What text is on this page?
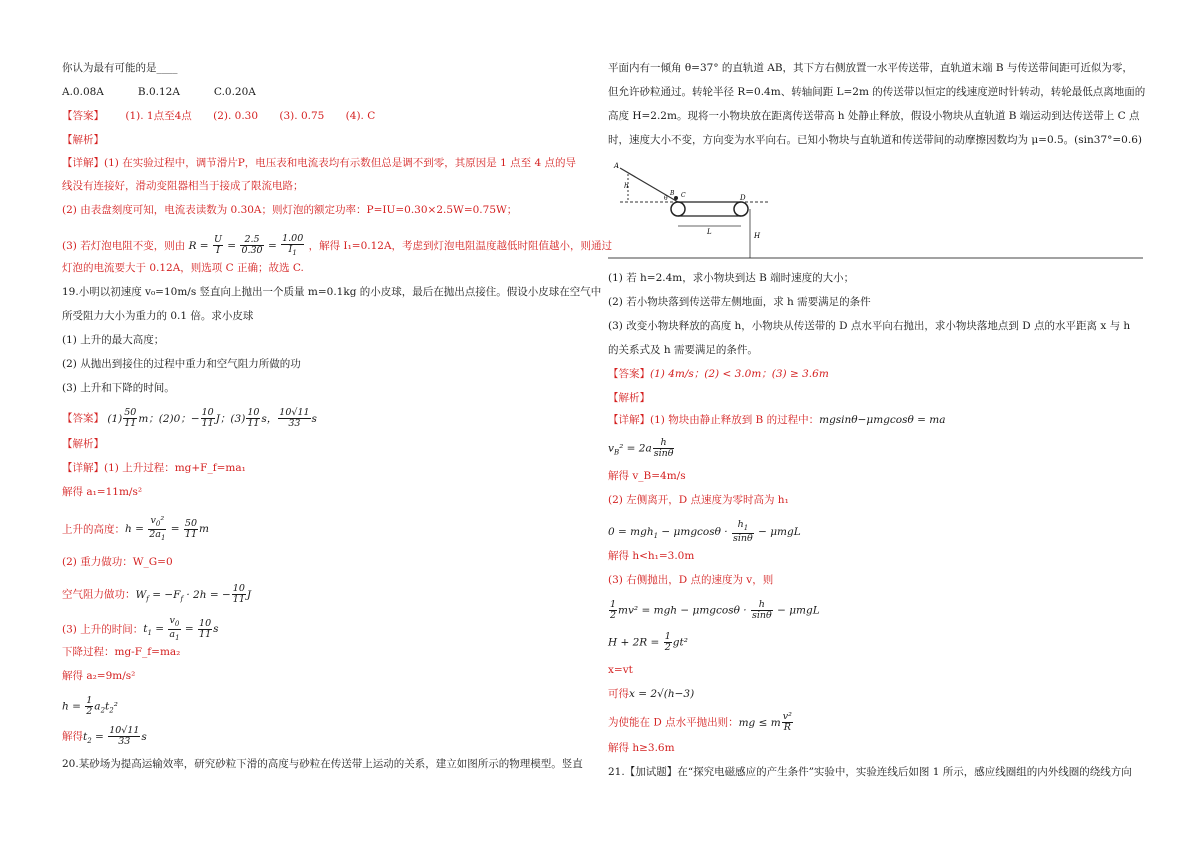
你认为最有可能的是____
A.0.08A	B.0.12A	C.0.20A
【答案】 (1). 1点至4点 (2). 0.30 (3). 0.75 (4). C
【解析】
【详解】(1) 在实验过程中，调节滑片P，电压表和电流表均有示数但总是调不到零，其原因是 1 点至 4 点的导
线没有连接好，滑动变阻器相当于接成了限流电路；
(2) 由表盘刻度可知，电流表读数为 0.30A；则灯泡的额定功率：P=IU=0.30×2.5W=0.75W；
(3) 若灯泡电阻不变，则由 $R = \frac{U}{I} = \frac{2.5}{0.30} = \frac{1.00}{I_1}$ ，解得 I₁=0.12A，考虑到灯泡电阻温度越低时阻值越小，则通过
灯泡的电流要大于 0.12A，则选项 C 正确；故选 C.
19.小明以初速度 v₀=10m/s 竖直向上抛出一个质量 m=0.1kg 的小皮球，最后在抛出点接住。假设小皮球在空气中
所受阻力大小为重力的 0.1 倍。求小皮球
(1) 上升的最大高度；
(2) 从抛出到接住的过程中重力和空气阻力所做的功
(3) 上升和下降的时间。
【答案】 $(1) \frac{50}{11}$ m；(2)0；− $\frac{10}{11}$ J；$(3) \frac{10}{11}$ s， $\frac{10√11}{33}$ s
【解析】
【详解】(1) 上升过程：mg+F_f=ma₁
解得 a₁=11m/s²
上升的高度：$h = \frac{v_0^2}{2a_1} = \frac{50}{11}$ m
(2) 重力做功：W_G=0
空气阻力做功：$W_f = -F_f \cdot 2h$ = − $\frac{10}{11}$ J
(3) 上升的时间：$t_1 = \frac{v_0}{a_1} = \frac{10}{11}$ s
下降过程：mg-F_f=ma₂
解得 a₂=9m/s²
$h = \frac{1}{2} a_2t_2^2$
解得$t_2 = \frac{10√11}{33}$ s
20.某砂场为提高运输效率，研究砂粒下滑的高度与砂粒在传送带上运动的关系，建立如图所示的物理模型。竖直
平面内有一倾角 θ=37° 的直轨道 AB，其下方右侧放置一水平传送带，直轨道末端 B 与传送带间距可近似为零，
但允许砂粒通过。转轮半径 R=0.4m、转轴间距 L=2m 的传送带以恒定的线速度逆时针转动，转轮最低点离地面的
高度 H=2.2m。现将一小物块放在距离传送带高 h 处静止释放，假设小物块从直轨道 B 端运动到达传送带上 C 点
时，速度大小不变，方向变为水平向右。已知小物块与直轨道和传送带间的动摩擦因数均为 μ=0.5。(sin37°=0.6)
A
h
θ
B C	D
L	H
(1) 若 h=2.4m，求小物块到达 B 端时速度的大小；
(2) 若小物块落到传送带左侧地面，求 h 需要满足的条件
(3) 改变小物块释放的高度 h，小物块从传送带的 D 点水平向右抛出，求小物块落地点到 D 点的水平距离 x 与 h
的关系式及 h 需要满足的条件。
【答案】(1) 4m/s；(2) < 3.0m；(3) ≥ 3.6m
【解析】
【详解】(1) 物块由静止释放到 B 的过程中：mgsinθ−μmgcosθ = ma
$v_B^2 = 2a \frac{h}{\sin\theta}$
解得 v_B=4m/s
(2) 左侧离开，D 点速度为零时高为 h₁
$0 = mgh_1 - \mu mgcos\theta \cdot \frac{h_1}{\sin\theta} - \mu mgL$
解得 h<h₁=3.0m
(3) 右侧抛出，D 点的速度为 v，则
$\frac{1}{2} mv^2$ = mgh − $\mu mgcos\theta \cdot \frac{h}{\sin\theta} - \mu mgL$
$H + 2R = \frac{1}{2} gt^2$
x=vt
可得x = 2√(h−3)
为使能在 D 点水平抛出则：mg ≤ m $\frac{\text{v²}}{R}$
解得 h≥3.6m
21.【加试题】在“探究电磁感应的产生条件”实验中，实验连线后如图 1 所示，感应线圈组的内外线圈的绕线方向
